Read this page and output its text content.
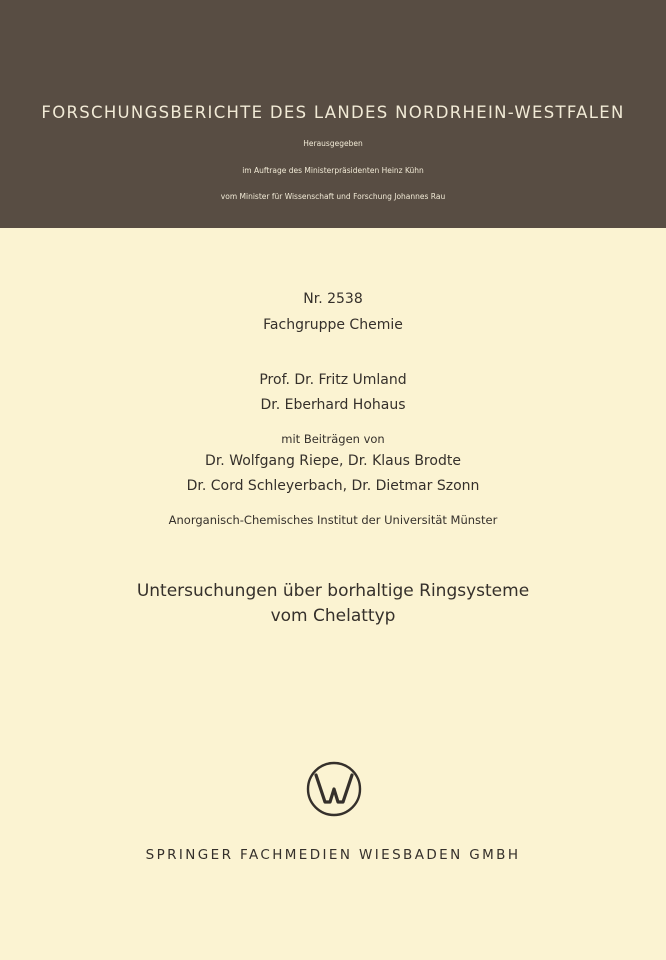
FORSCHUNGSBERICHTE DES LANDES NORDRHEIN-WESTFALEN
Herausgegeben
im Auftrage des Ministerpräsidenten Heinz Kühn
vom Minister für Wissenschaft und Forschung Johannes Rau
Nr. 2538
Fachgruppe Chemie
Prof. Dr. Fritz Umland
Dr. Eberhard Hohaus
mit Beiträgen von
Dr. Wolfgang Riepe, Dr. Klaus Brodte
Dr. Cord Schleyerbach, Dr. Dietmar Szonn
Anorganisch-Chemisches Institut der Universität Münster
Untersuchungen über borhaltige Ringsysteme
vom Chelattyp
SPRINGER FACHMEDIEN WIESBADEN GMBH
